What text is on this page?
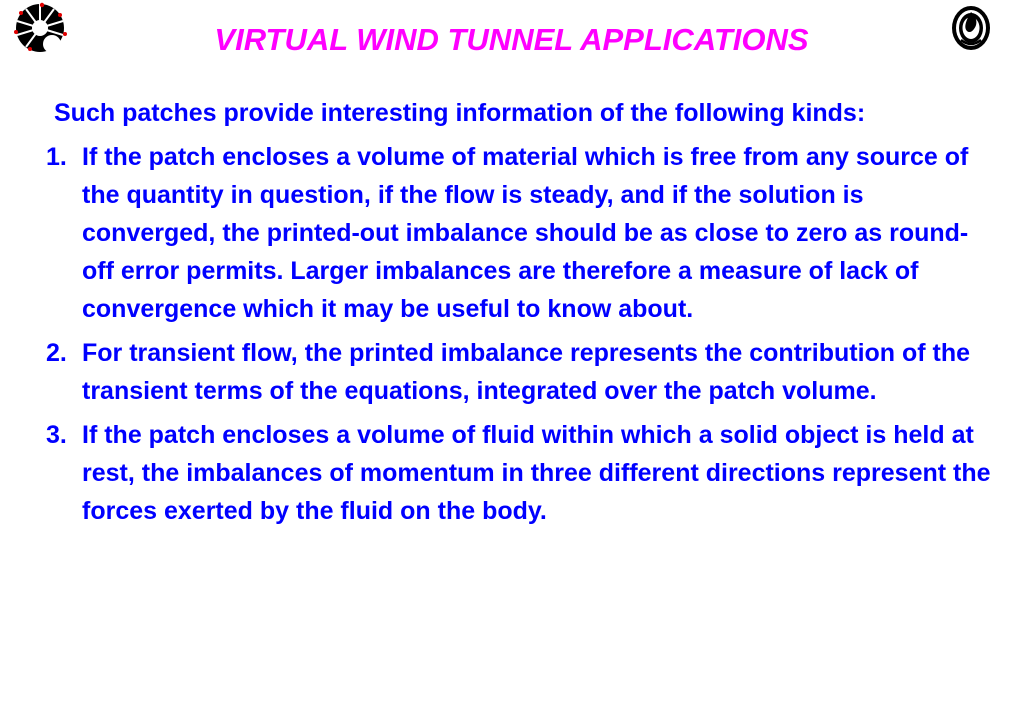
VIRTUAL WIND TUNNEL APPLICATIONS

Such patches provide interesting information of the following kinds:

1. If the patch encloses a volume of material which is free from any source of the quantity in question, if the flow is steady, and if the solution is converged, the printed-out imbalance should be as close to zero as round-off error permits. Larger imbalances are therefore a measure of lack of convergence which it may be useful to know about.
2. For transient flow, the printed imbalance represents the contribution of the transient terms of the equations, integrated over the patch volume.
3. If the patch encloses a volume of fluid within which a solid object is held at rest, the imbalances of momentum in three different directions represent the forces exerted by the fluid on the body.
